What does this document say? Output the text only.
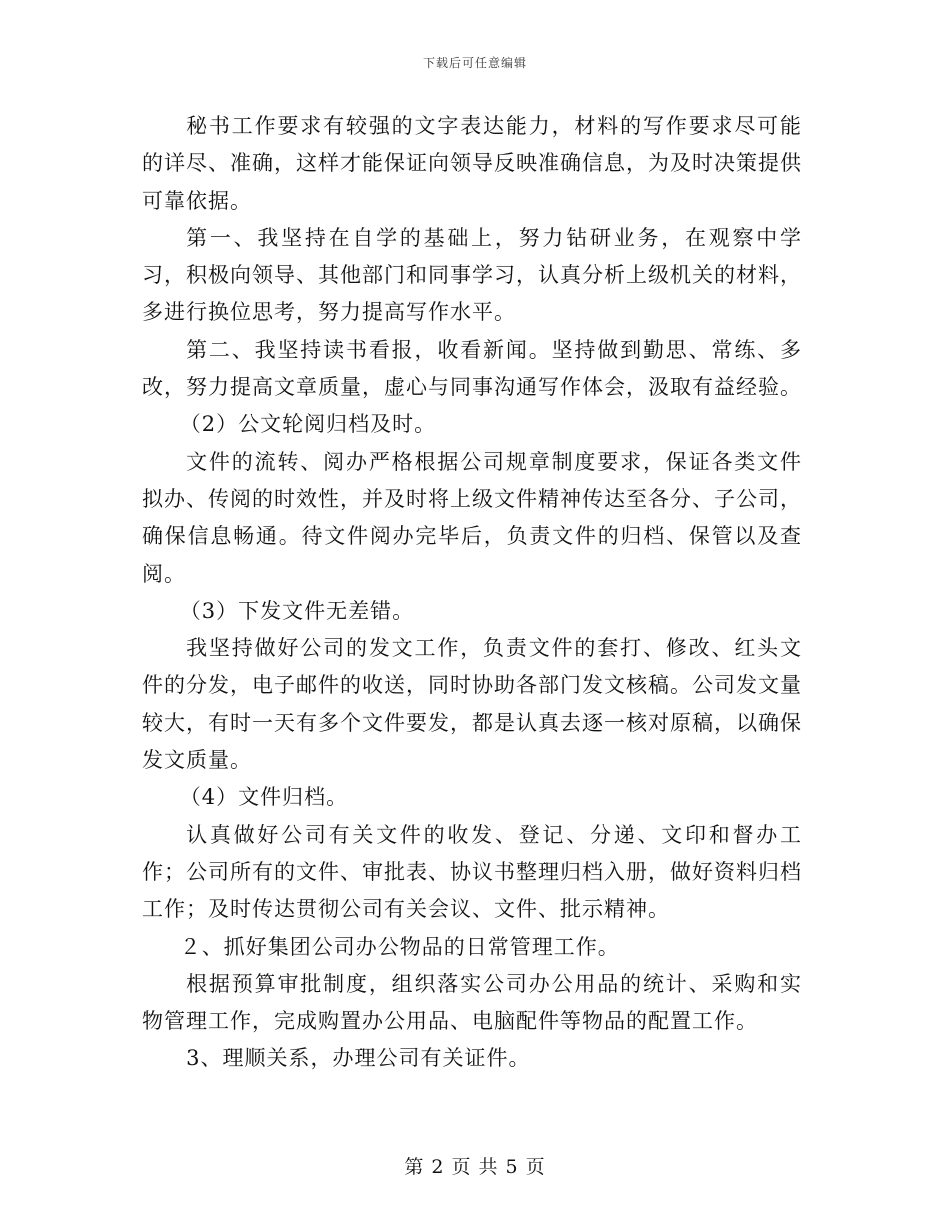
下载后可任意编辑

秘书工作要求有较强的文字表达能力，材料的写作要求尽可能的详尽、准确，这样才能保证向领导反映准确信息，为及时决策提供可靠依据。

第一、我坚持在自学的基础上，努力钻研业务，在观察中学习，积极向领导、其他部门和同事学习，认真分析上级机关的材料，多进行换位思考，努力提高写作水平。

第二、我坚持读书看报，收看新闻。坚持做到勤思、常练、多改，努力提高文章质量，虚心与同事沟通写作体会，汲取有益经验。

（2）公文轮阅归档及时。

文件的流转、阅办严格根据公司规章制度要求，保证各类文件拟办、传阅的时效性，并及时将上级文件精神传达至各分、子公司，确保信息畅通。待文件阅办完毕后，负责文件的归档、保管以及查阅。

（3）下发文件无差错。

我坚持做好公司的发文工作，负责文件的套打、修改、红头文件的分发，电子邮件的收送，同时协助各部门发文核稿。公司发文量较大，有时一天有多个文件要发，都是认真去逐一核对原稿，以确保发文质量。

（4）文件归档。

认真做好公司有关文件的收发、登记、分递、文印和督办工作；公司所有的文件、审批表、协议书整理归档入册，做好资料归档工作；及时传达贯彻公司有关会议、文件、批示精神。

２、抓好集团公司办公物品的日常管理工作。

根据预算审批制度，组织落实公司办公用品的统计、采购和实物管理工作，完成购置办公用品、电脑配件等物品的配置工作。

3、理顺关系，办理公司有关证件。

第 2 页 共 5 页
